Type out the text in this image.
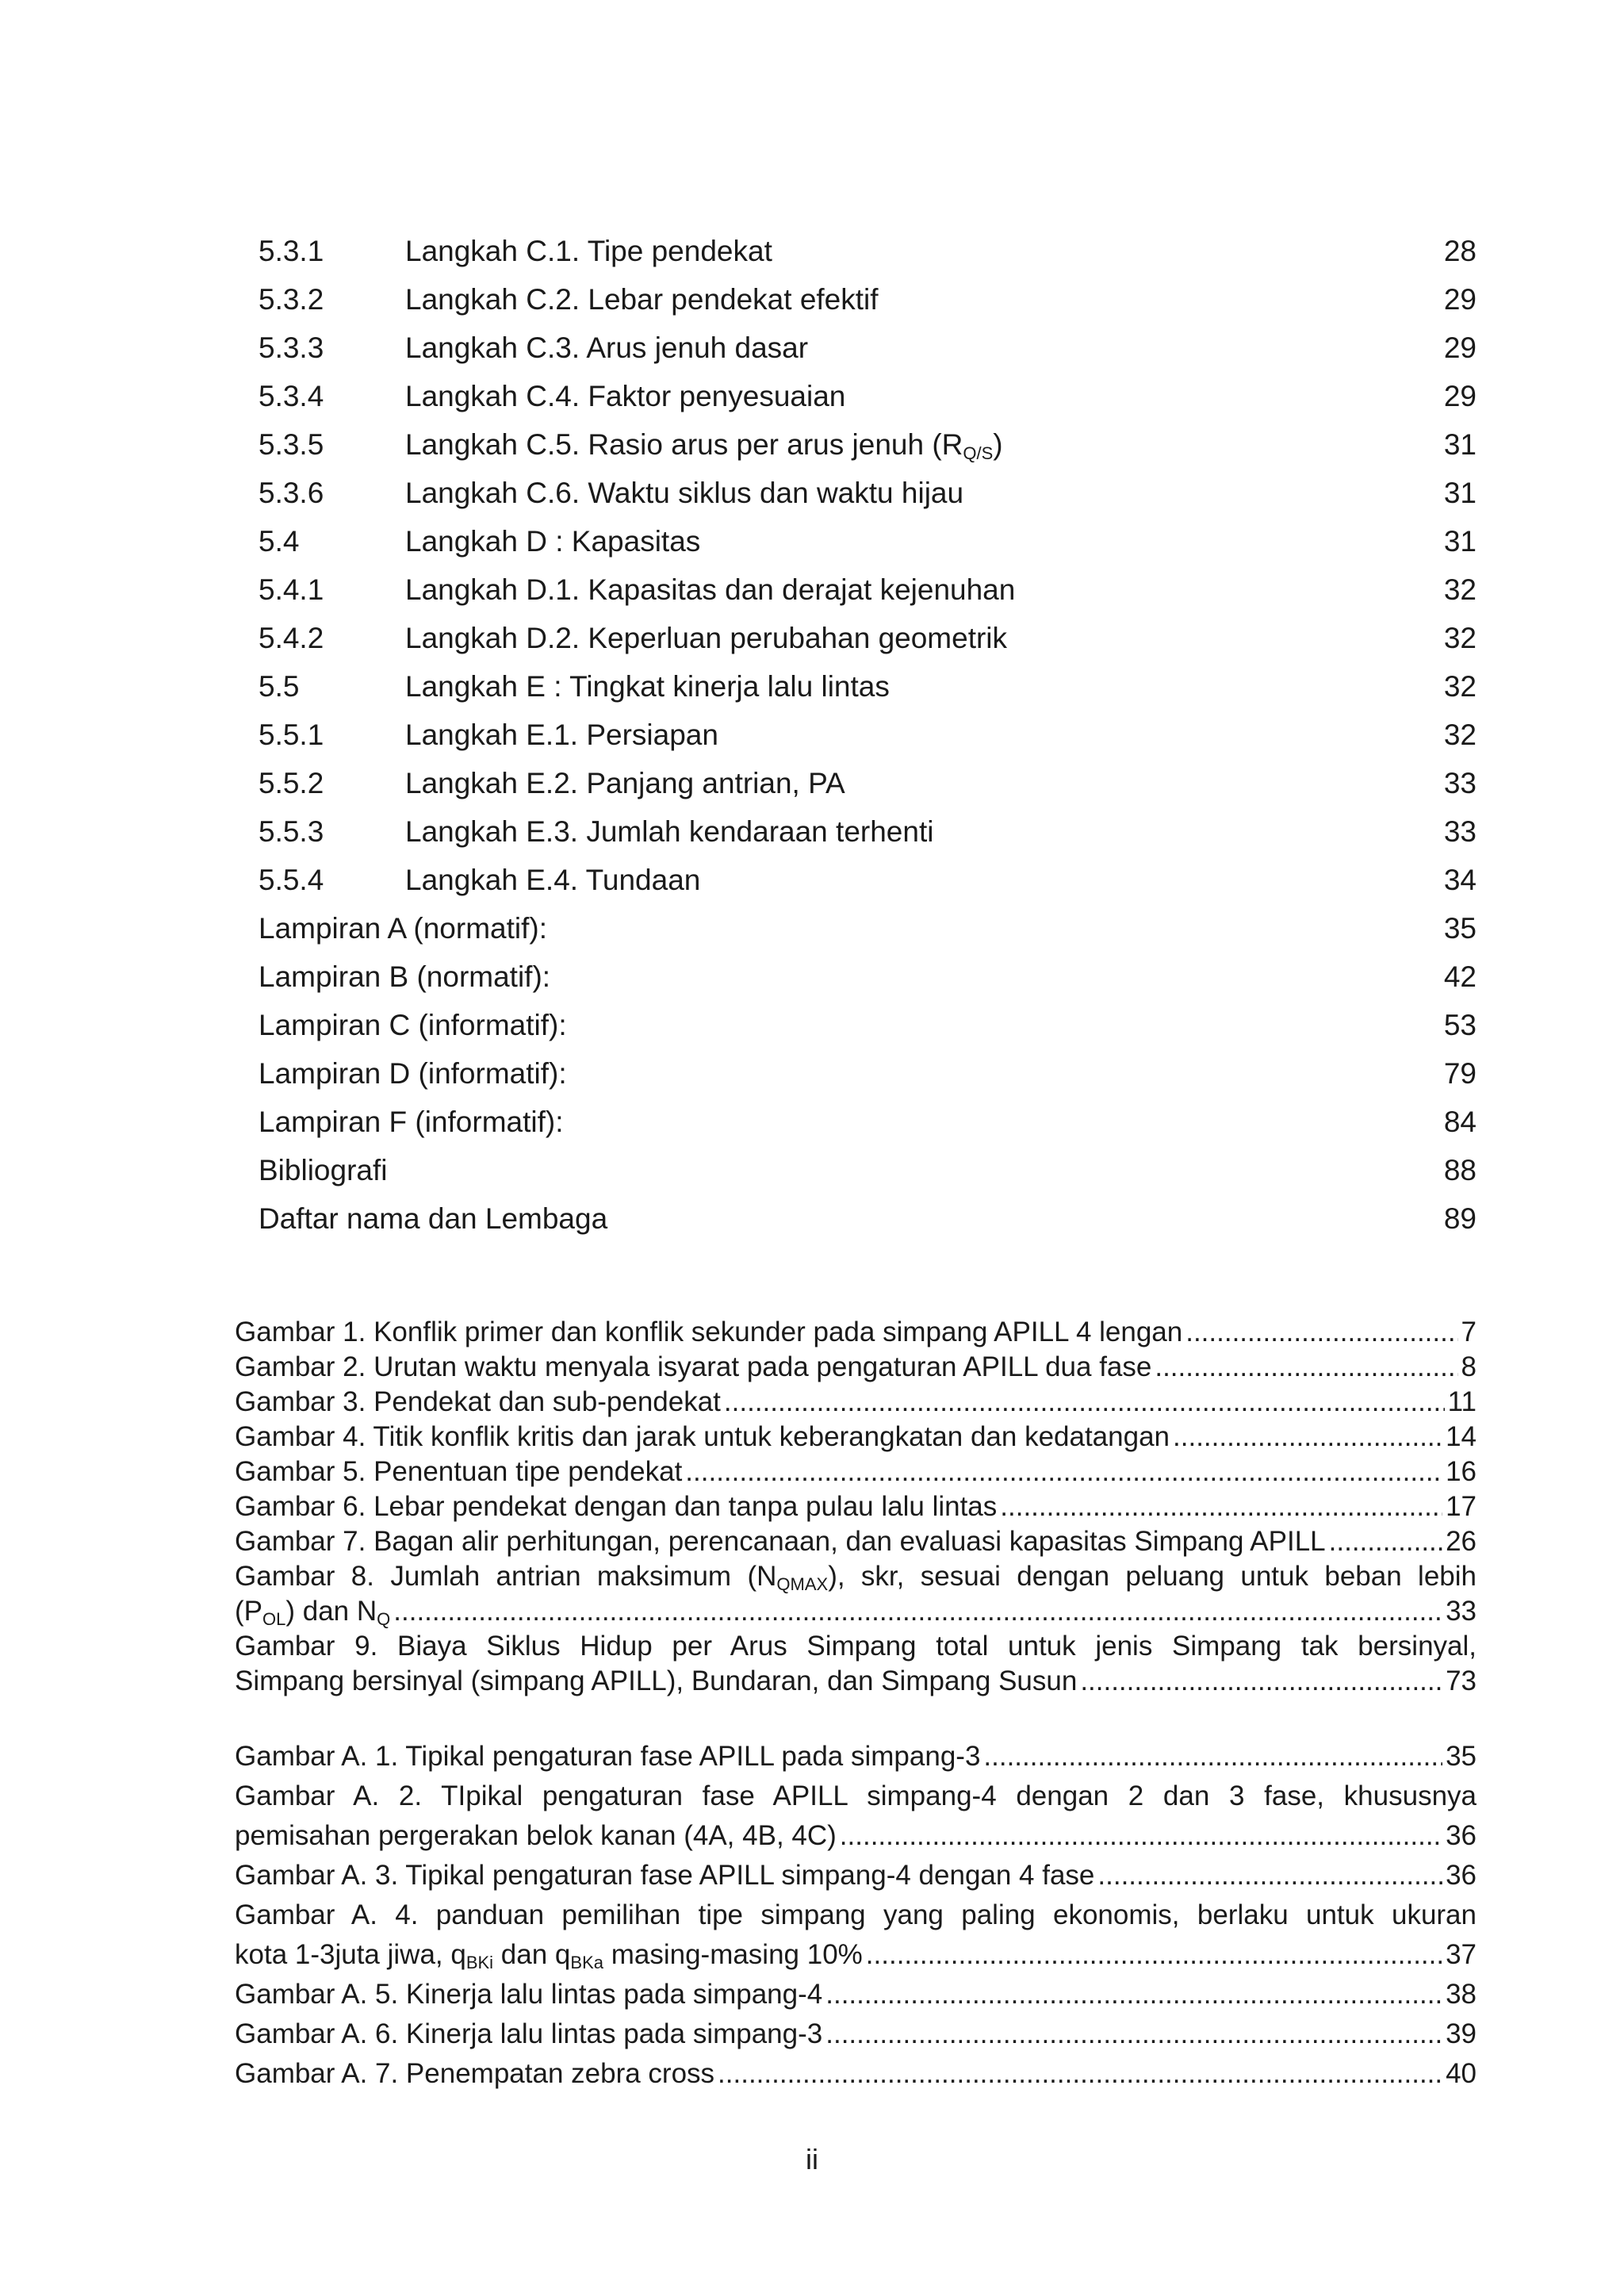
5.3.1	Langkah C.1. Tipe pendekat	28
5.3.2	Langkah C.2. Lebar pendekat efektif	29
5.3.3	Langkah C.3. Arus jenuh dasar	29
5.3.4	Langkah C.4. Faktor penyesuaian	29
5.3.5	Langkah C.5. Rasio arus per arus jenuh $(R_{Q/S})$	31
5.3.6	Langkah C.6. Waktu siklus dan waktu hijau	31
5.4	Langkah D : Kapasitas	31
5.4.1	Langkah D.1. Kapasitas dan derajat kejenuhan	32
5.4.2	Langkah D.2. Keperluan perubahan geometrik	32
5.5	Langkah E : Tingkat kinerja lalu lintas	32
5.5.1	Langkah E.1. Persiapan	32
5.5.2	Langkah E.2. Panjang antrian, PA	33
5.5.3	Langkah E.3. Jumlah kendaraan terhenti	33
5.5.4	Langkah E.4. Tundaan	34
Lampiran A (normatif):	35
Lampiran B (normatif):	42
Lampiran C (informatif):	53
Lampiran D (informatif):	79
Lampiran F (informatif):	84
Bibliografi	88
Daftar nama dan Lembaga	89
Gambar 1. Konflik primer dan konflik sekunder pada simpang APILL 4 lengan .....	7
Gambar 2. Urutan waktu menyala isyarat pada pengaturan APILL dua fase .....	8
Gambar 3. Pendekat dan sub-pendekat .....	11
Gambar 4. Titik konflik kritis dan jarak untuk keberangkatan dan kedatangan .....	14
Gambar 5. Penentuan tipe pendekat .....	16
Gambar 6. Lebar pendekat dengan dan tanpa pulau lalu lintas .....	17
Gambar 7. Bagan alir perhitungan, perencanaan, dan evaluasi kapasitas Simpang APILL .....	26
Gambar 8. Jumlah antrian maksimum $(N_{QMAX})$, skr, sesuai dengan peluang untuk beban lebih
$(P_{OL})$ dan $N_Q$ .....	33
Gambar 9. Biaya Siklus Hidup per Arus Simpang total untuk jenis Simpang tak bersinyal,
Simpang bersinyal (simpang APILL), Bundaran, dan Simpang Susun .....	73
Gambar A. 1. Tipikal pengaturan fase APILL pada simpang-3 .....	35
Gambar A. 2. TIpikal pengaturan fase APILL simpang-4 dengan 2 dan 3 fase, khususnya
pemisahan pergerakan belok kanan (4A, 4B, 4C) .....	36
Gambar A. 3. Tipikal pengaturan fase APILL simpang-4 dengan 4 fase .....	36
Gambar A. 4. panduan pemilihan tipe simpang yang paling ekonomis, berlaku untuk ukuran
kota 1-3juta jiwa, $q_{BKi}$ dan $q_{BKa}$ masing-masing 10% .....	37
Gambar A. 5. Kinerja lalu lintas pada simpang-4 .....	38
Gambar A. 6. Kinerja lalu lintas pada simpang-3 .....	39
Gambar A. 7. Penempatan zebra cross .....	40
ii
